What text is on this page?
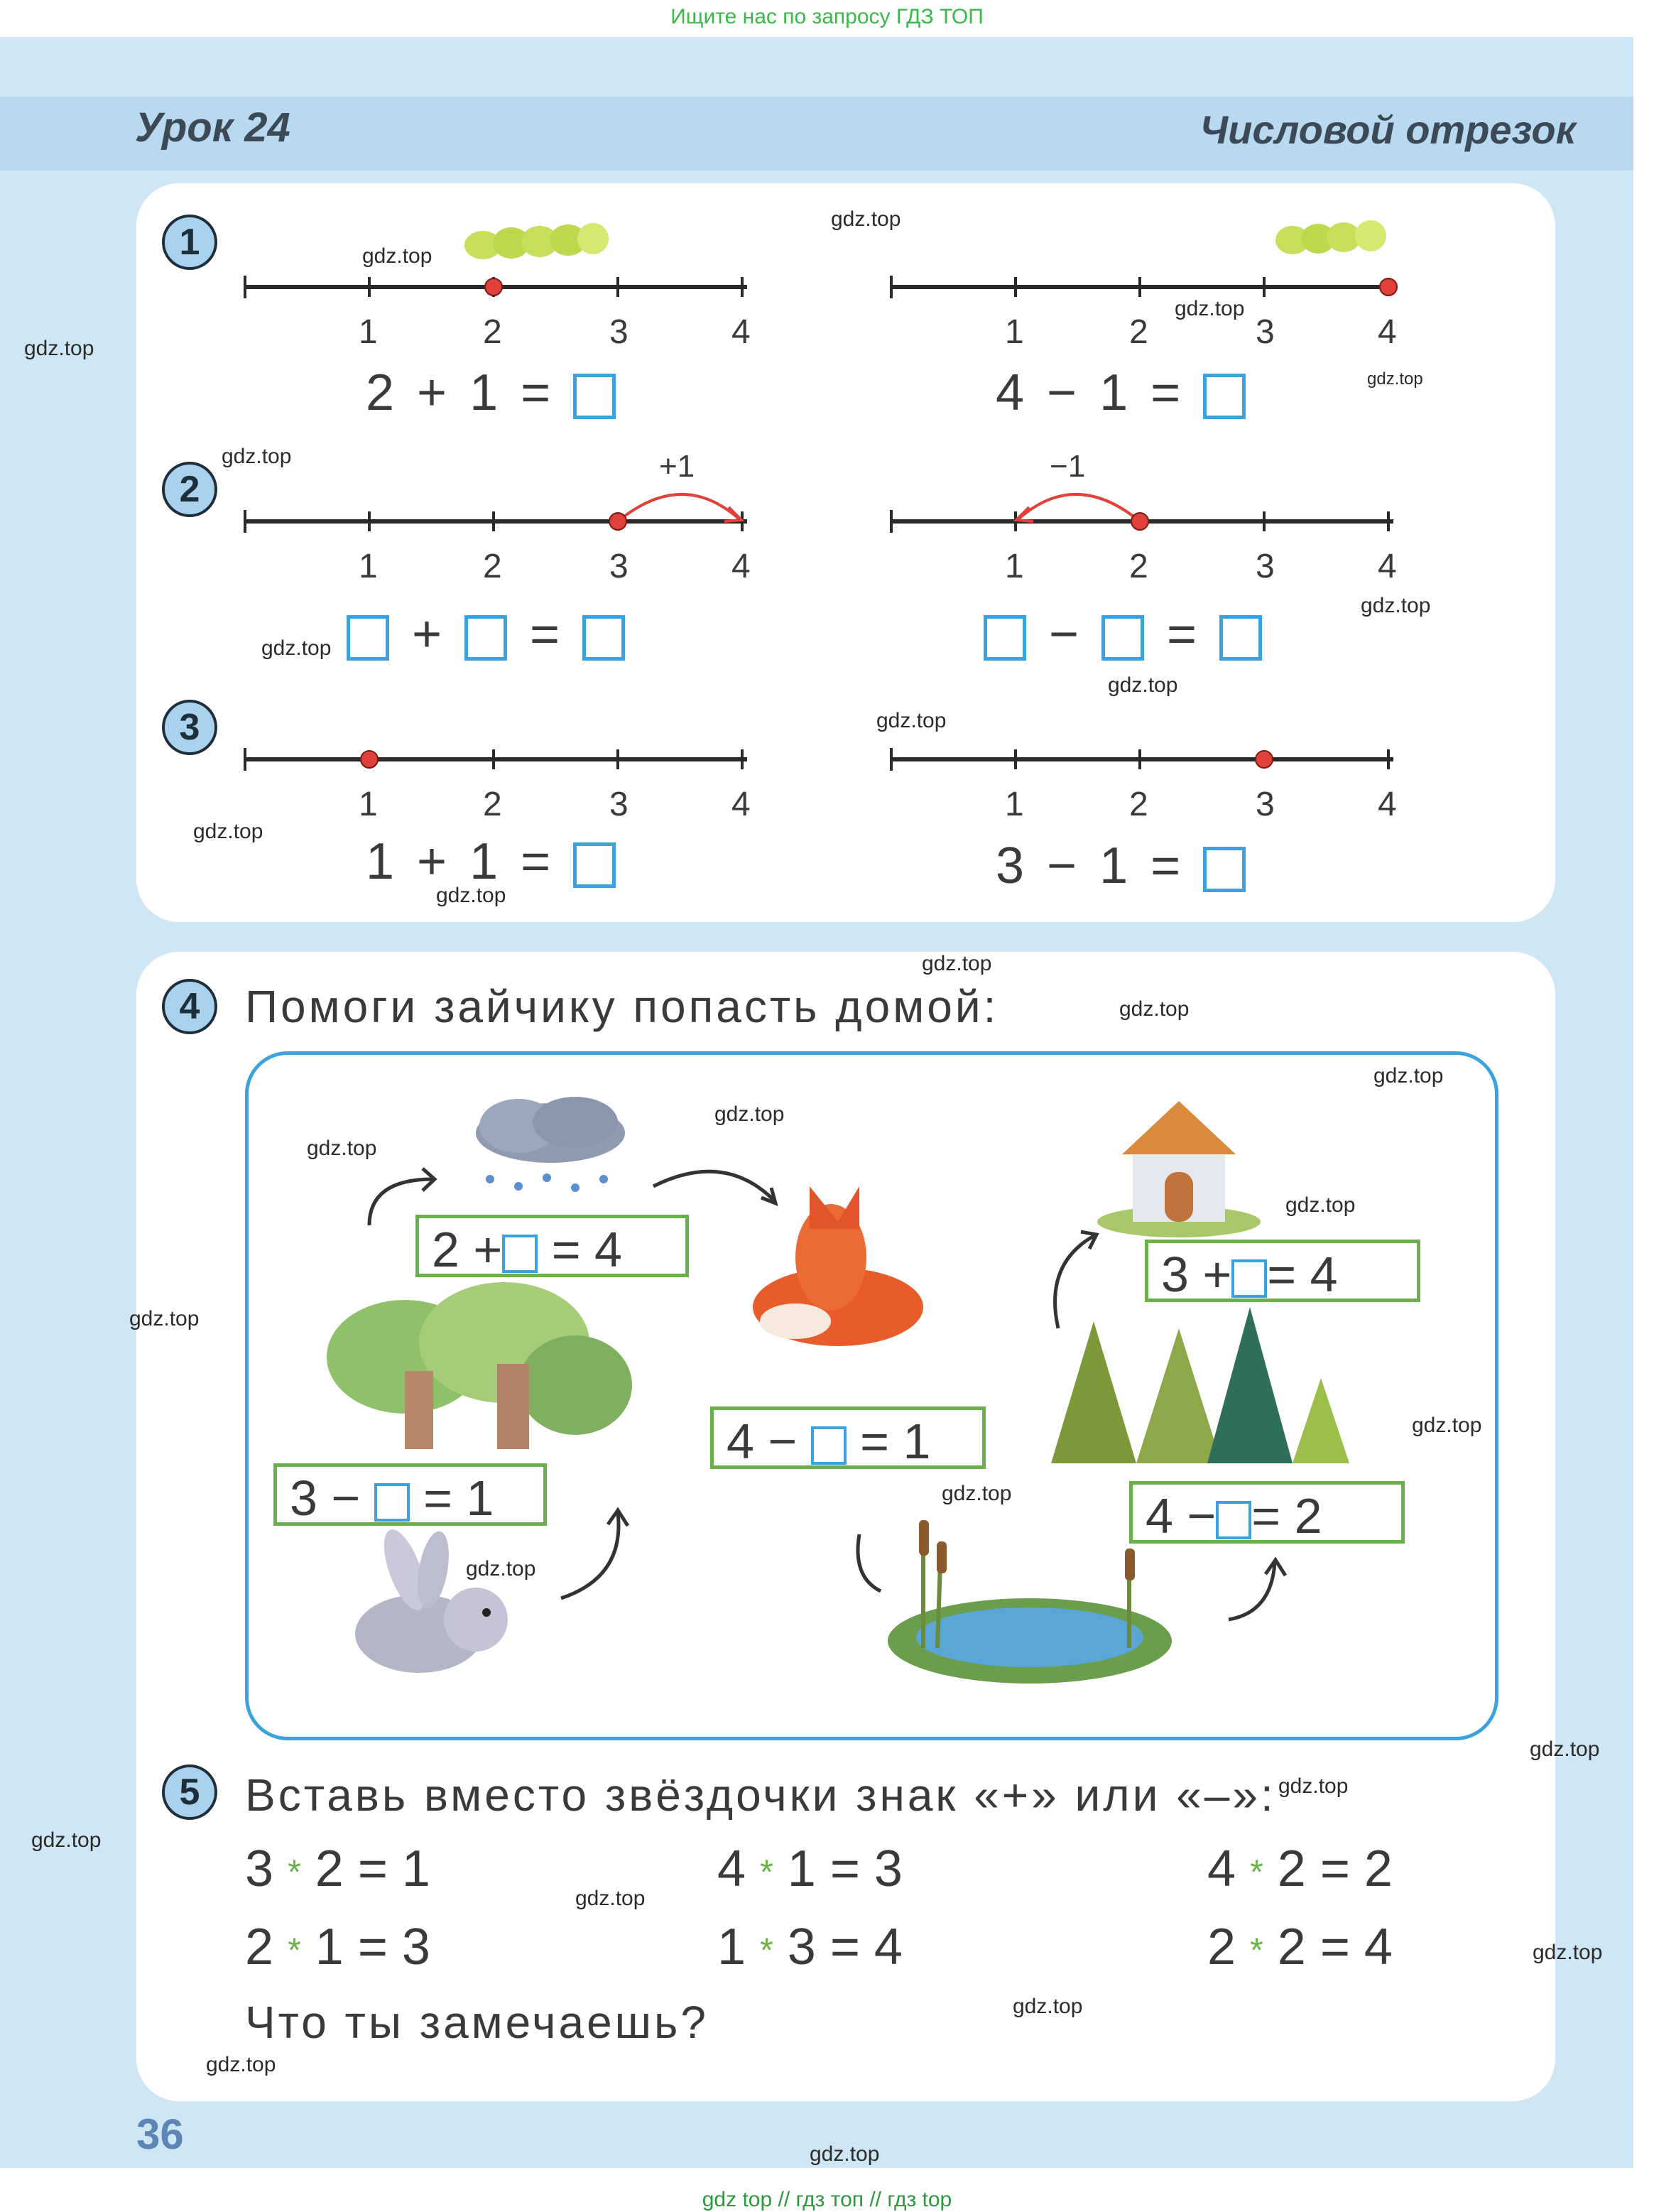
Ищите нас по запросу ГДЗ ТОП
Урок 24	Числовой отрезок
1
1	2	3	4
2 + 1 =
1	2	3	4
4 − 1 =
2
+1
1	2	3	4
+ =
−1
1	2	3	4
− =
3
1	2	3	4
1 + 1 =
1	2	3	4
3 − 1 =
4 Помоги зайчику попасть домой:
2 + = 4
3 − = 1
4 − = 1
3 + = 4
4 − = 2
5 Вставь вместо звёздочки знак «+» или «–»:
3 * 2 = 1	4 * 1 = 3	4 * 2 = 2
2 * 1 = 3	1 * 3 = 4	2 * 2 = 4
Что ты замечаешь?
36
gdz.top
gdz.top
gdz.top
gdz.top
gdz.top
gdz.top
gdz.top
gdz.top
gdz.top
gdz.top
gdz.top
gdz.top
gdz.top
gdz.top
gdz.top
gdz.top
gdz.top
gdz.top
gdz.top
gdz.top
gdz.top
gdz.top
gdz.top
gdz.top
gdz.top
gdz.top
gdz.top
gdz.top
gdz.top
gdz.top
gdz top // гдз топ // гдз top
